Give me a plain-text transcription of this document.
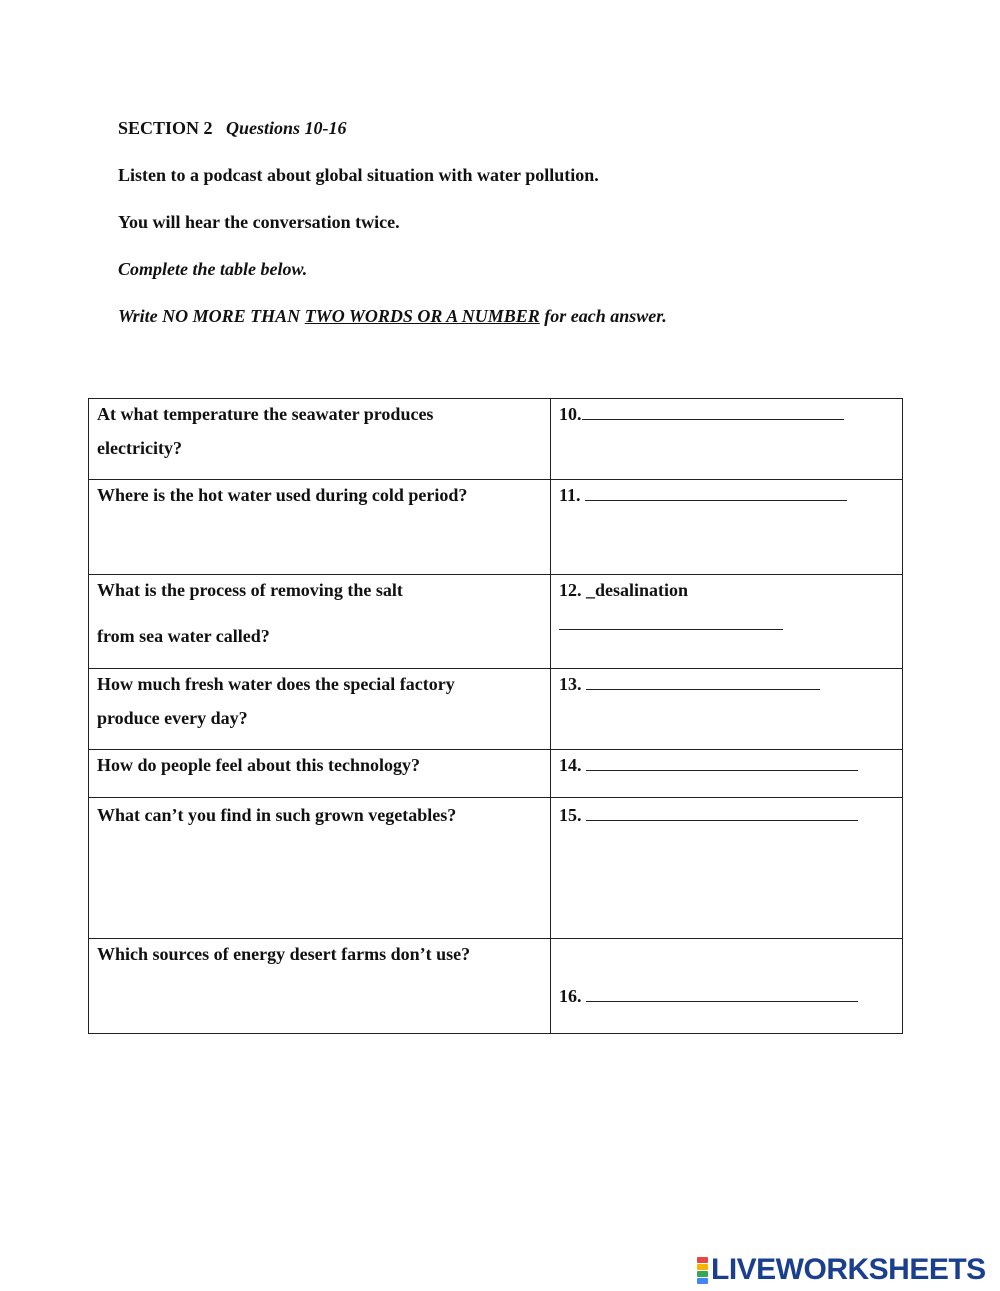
SECTION 2 Questions 10-16
Listen to a podcast about global situation with water pollution.
You will hear the conversation twice.
Complete the table below.
Write NO MORE THAN TWO WORDS OR A NUMBER for each answer.
At what temperature the seawater produces
electricity?	10.

Where is the hot water used during cold period?	11.

What is the process of removing the salt
from sea water called?	12. _desalination

How much fresh water does the special factory
produce every day?	13.

How do people feel about this technology?	14.

What can’t you find in such grown vegetables?	15.

Which sources of energy desert farms don’t use?	16.
LIVEWORKSHEETS
